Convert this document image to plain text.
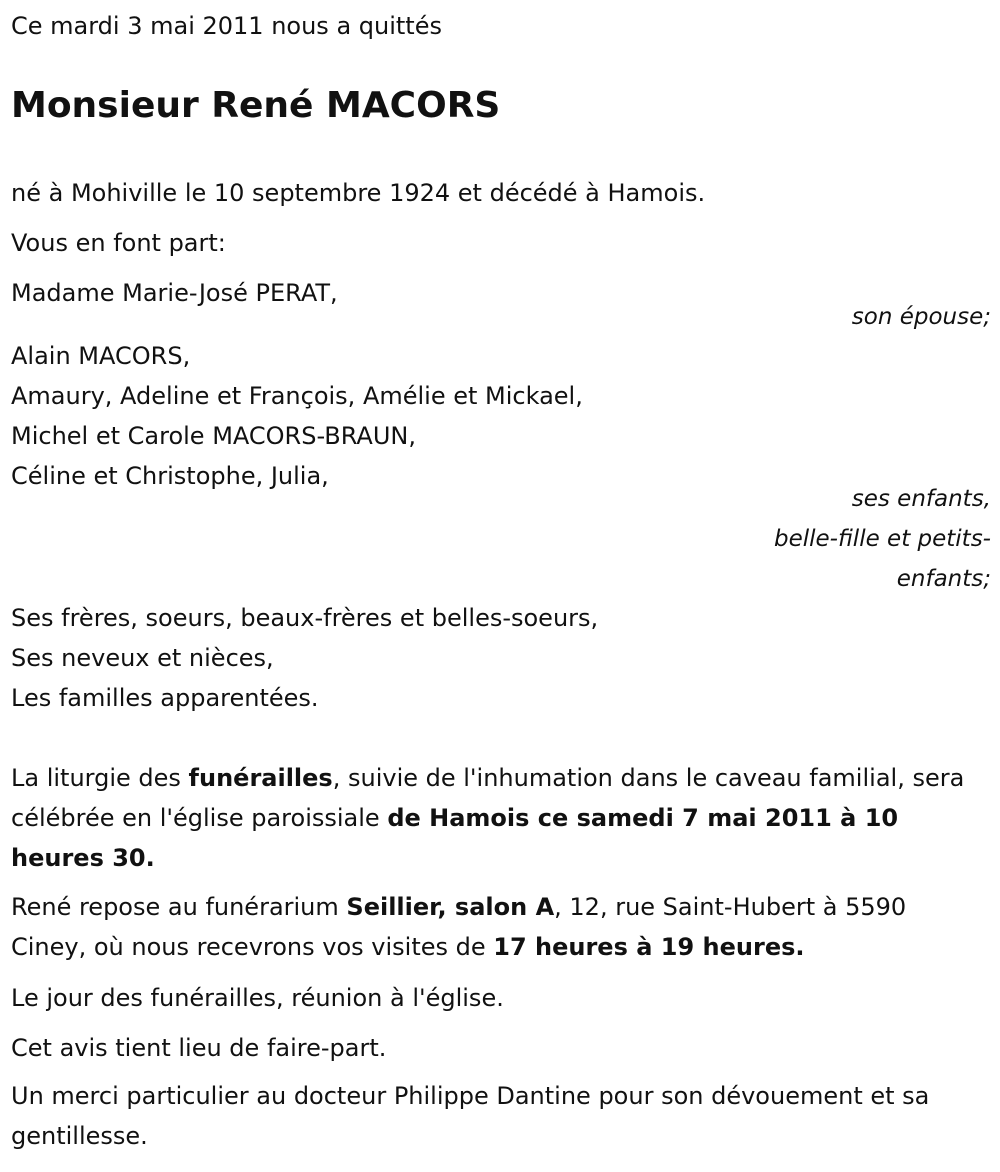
Ce mardi 3 mai 2011 nous a quittés
Monsieur René MACORS
né à Mohiville le 10 septembre 1924 et décédé à Hamois.
Vous en font part:
Madame Marie-José PERAT,
son épouse;
Alain MACORS,
Amaury, Adeline et François, Amélie et Mickael,
Michel et Carole MACORS-BRAUN,
Céline et Christophe, Julia,
ses enfants,
belle-fille et petits-
enfants;
Ses frères, soeurs, beaux-frères et belles-soeurs,
Ses neveux et nièces,
Les familles apparentées.
La liturgie des funérailles, suivie de l'inhumation dans le caveau familial, sera célébrée en l'église paroissiale de Hamois ce samedi 7 mai 2011 à 10 heures 30.
René repose au funérarium Seillier, salon A, 12, rue Saint-Hubert à 5590 Ciney, où nous recevrons vos visites de 17 heures à 19 heures.
Le jour des funérailles, réunion à l'église.
Cet avis tient lieu de faire-part.
Un merci particulier au docteur Philippe Dantine pour son dévouement et sa gentillesse.
